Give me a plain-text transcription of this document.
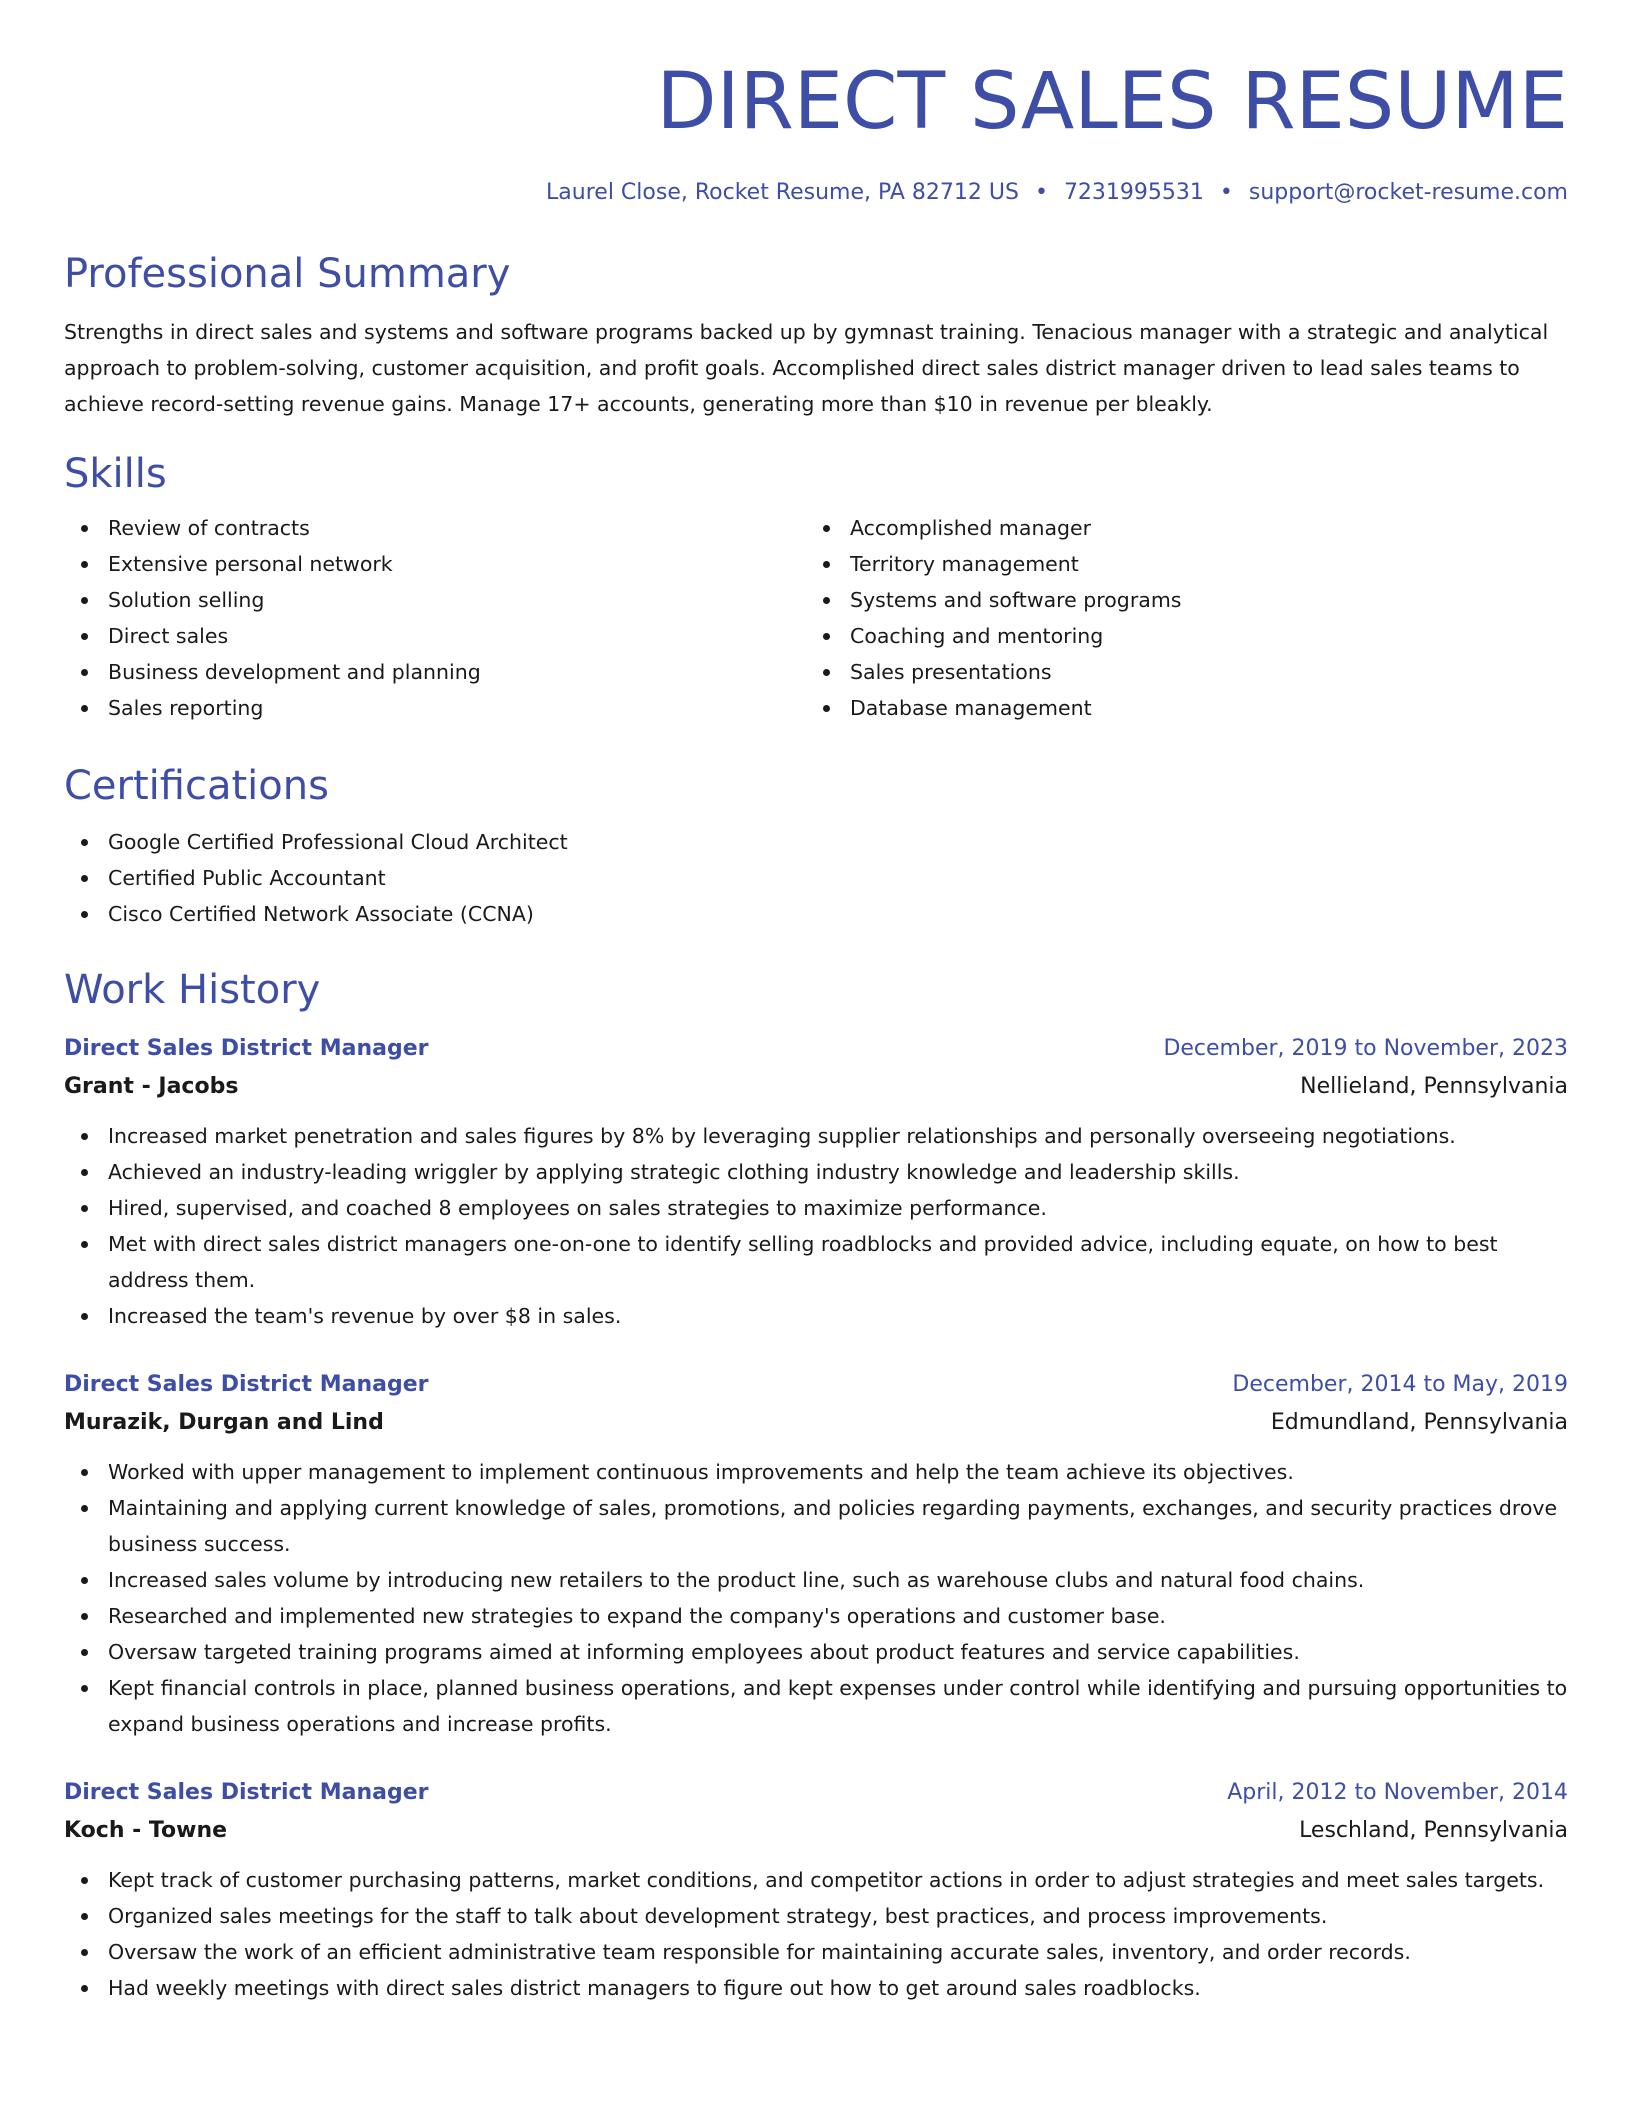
DIRECT SALES RESUME
Laurel Close, Rocket Resume, PA 82712 US • 7231995531 • support@rocket-resume.com
Professional Summary

Strengths in direct sales and systems and software programs backed up by gymnast training. Tenacious manager with a strategic and analytical approach to problem-solving, customer acquisition, and profit goals. Accomplished direct sales district manager driven to lead sales teams to achieve record-setting revenue gains. Manage 17+ accounts, generating more than $10 in revenue per bleakly.

Skills
Review of contracts
Extensive personal network
Solution selling
Direct sales
Business development and planning
Sales reporting
Accomplished manager
Territory management
Systems and software programs
Coaching and mentoring
Sales presentations
Database management
Certifications
Google Certified Professional Cloud Architect
Certified Public Accountant
Cisco Certified Network Associate (CCNA)
Work History
Direct Sales District Manager	December, 2019 to November, 2023
Grant - Jacobs	Nellieland, Pennsylvania
Increased market penetration and sales figures by 8% by leveraging supplier relationships and personally overseeing negotiations.
Achieved an industry-leading wriggler by applying strategic clothing industry knowledge and leadership skills.
Hired, supervised, and coached 8 employees on sales strategies to maximize performance.
Met with direct sales district managers one-on-one to identify selling roadblocks and provided advice, including equate, on how to best address them.
Increased the team's revenue by over $8 in sales.
Direct Sales District Manager	December, 2014 to May, 2019
Murazik, Durgan and Lind	Edmundland, Pennsylvania
Worked with upper management to implement continuous improvements and help the team achieve its objectives.
Maintaining and applying current knowledge of sales, promotions, and policies regarding payments, exchanges, and security practices drove business success.
Increased sales volume by introducing new retailers to the product line, such as warehouse clubs and natural food chains.
Researched and implemented new strategies to expand the company's operations and customer base.
Oversaw targeted training programs aimed at informing employees about product features and service capabilities.
Kept financial controls in place, planned business operations, and kept expenses under control while identifying and pursuing opportunities to expand business operations and increase profits.
Direct Sales District Manager	April, 2012 to November, 2014
Koch - Towne	Leschland, Pennsylvania
Kept track of customer purchasing patterns, market conditions, and competitor actions in order to adjust strategies and meet sales targets.
Organized sales meetings for the staff to talk about development strategy, best practices, and process improvements.
Oversaw the work of an efficient administrative team responsible for maintaining accurate sales, inventory, and order records.
Had weekly meetings with direct sales district managers to figure out how to get around sales roadblocks.
